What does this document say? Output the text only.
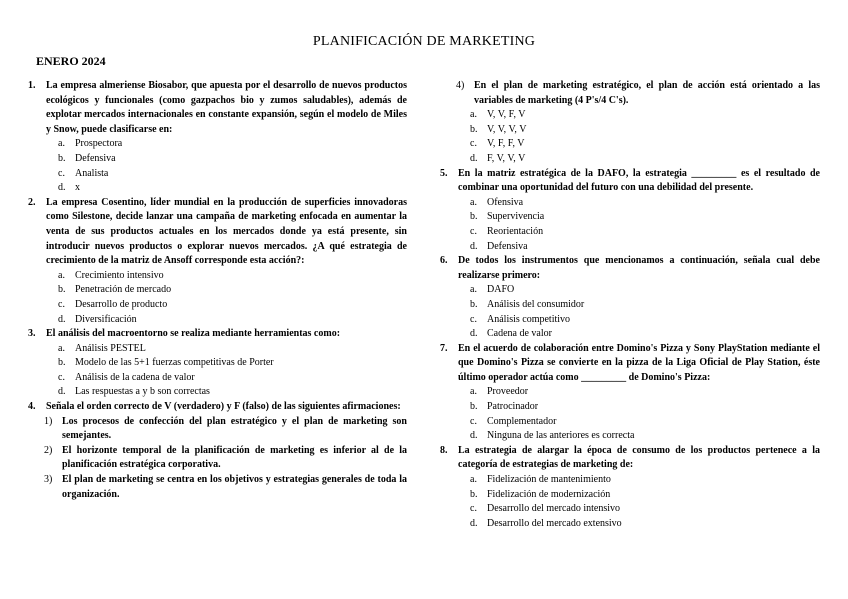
PLANIFICACIÓN DE MARKETING
ENERO 2024
1.	La empresa almeriense Biosabor, que apuesta por el desarrollo de nuevos productos ecológicos y funcionales (como gazpachos bio y zumos saludables), además de explotar mercados internacionales en constante expansión, según el modelo de Miles y Snow, puede clasificarse en:
a.	Prospectora
b. Defensiva
c.	Analista
d. x
2.	La empresa Cosentino, líder mundial en la producción de superficies innovadoras como Silestone, decide lanzar una campaña de marketing enfocada en aumentar la venta de sus productos actuales en los mercados donde ya está presente, sin introducir nuevos productos o explorar nuevos mercados. ¿A qué estrategia de crecimiento de la matriz de Ansoff corresponde esta acción?:
a.	Crecimiento intensivo
b. Penetración de mercado
c.	Desarrollo de producto
d. Diversificación
3.	El análisis del macroentorno se realiza mediante herramientas como:
a.	Análisis PESTEL
b. Modelo de las 5+1 fuerzas competitivas de Porter
c.	Análisis de la cadena de valor
d. Las respuestas a y b son correctas
4.	Señala el orden correcto de V (verdadero) y F (falso) de las siguientes afirmaciones:
1) Los procesos de confección del plan estratégico y el plan de marketing son semejantes.
2) El horizonte temporal de la planificación de marketing es inferior al de la planificación estratégica corporativa.
3) El plan de marketing se centra en los objetivos y estrategias generales de toda la organización.
4) En el plan de marketing estratégico, el plan de acción está orientado a las variables de marketing (4 P's/4 C's).
a.	V, V, F, V
b. V, V, V, V
c.	V, F, F, V
d. F, V, V, V
5.	En la matriz estratégica de la DAFO, la estrategia _________ es el resultado de combinar una oportunidad del futuro con una debilidad del presente.
a.	Ofensiva
b. Supervivencia
c.	Reorientación
d. Defensiva
6.	De todos los instrumentos que mencionamos a continuación, señala cual debe realizarse primero:
a.	DAFO
b. Análisis del consumidor
c.	Análisis competitivo
d. Cadena de valor
7.	En el acuerdo de colaboración entre Domino's Pizza y Sony PlayStation mediante el que Domino's Pizza se convierte en la pizza de la Liga Oficial de Play Station, éste último operador actúa como _________ de Domino's Pizza:
a.	Proveedor
b. Patrocinador
c.	Complementador
d. Ninguna de las anteriores es correcta
8.	La estrategia de alargar la época de consumo de los productos pertenece a la categoría de estrategias de marketing de:
a.	Fidelización de mantenimiento
b. Fidelización de modernización
c.	Desarrollo del mercado intensivo
d. Desarrollo del mercado extensivo
